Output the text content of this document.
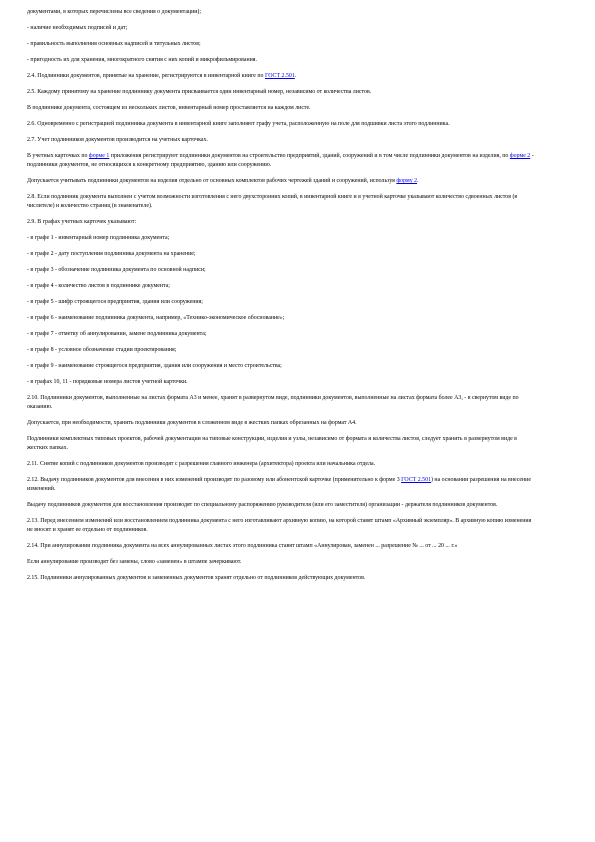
документами, в которых перечислены все сведения о документации);

- наличие необходимых подписей и дат;

- правильность выполнения основных надписей и титульных листов;

- пригодность их для хранения, многократного снятия с них копий и микрофильмирования.

2.4. Подлинники документов, принятые на хранение, регистрируются в инвентарной книге по ГОСТ 2.501.

2.5. Каждому принятому на хранение подлиннику документа присваивается один инвентарный номер, независимо от количества листов.

В подлиннике документа, состоящем из нескольких листов, инвентарный номер проставляется на каждом листе.

2.6. Одновременно с регистрацией подлинника документа в инвентарной книге заполняют графу учета, расположенную на поле для подшивки листа этого подлинника.

2.7. Учет подлинников документов производится на учетных карточках.

В учетных карточках по форме 1 приложения регистрируют подлинники документов на строительство предприятий, зданий, сооружений и в том числе подлинники документов на изделия, по форме 2 - подлинники документов, не относящихся к конкретному предприятию, зданию или сооружению.

Допускается учитывать подлинники документов на изделия отдельно от основных комплектов рабочих чертежей зданий и сооружений, используя форму 2.

2.8. Если подлинник документа выполнен с учетом возможности изготовления с него двухсторонних копий, в инвентарной книге и в учетной карточке указывают количество сдвоенных листов (в числителе) и количество страниц (в знаменателе).

2.9. В графах учетных карточек указывают:

- в графе 1 - инвентарный номер подлинника документа;

- в графе 2 - дату поступления подлинника документа на хранение;

- в графе 3 - обозначение подлинника документа по основной надписи;

- в графе 4 - количество листов в подлиннике документа;

- в графе 5 - шифр строящегося предприятия, здания или сооружения;

- в графе 6 - наименование подлинника документа, например, «Технико-экономическое обоснование»;

- в графе 7 - отметку об аннулировании, замене подлинника документа;

- в графе 8 - условное обозначение стадии проектирования;

- в графе 9 - наименование строящегося предприятия, здания или сооружения и место строительства;

- в графах 10, 11 - порядковые номера листов учетной карточки.

2.10. Подлинники документов, выполненные на листах формата А3 и менее, хранят в развернутом виде, подлинники документов, выполненные на листах формата более А3, - в свернутом виде по оказанию.

Допускается, при необходимости, хранить подлинники документов в сложенном виде в жестких папках обрезанных на формат А4.

Подлинники комплектных типовых проектов, рабочей документации на типовые конструкции, изделия и узлы, независимо от формата и количества листов, следует хранить в развернутом виде в жестких папках.

2.11. Снятие копий с подлинников документов производят с разрешения главного инженера (архитектора) проекта или начальника отдела.

2.12. Выдачу подлинников документов для внесения в них изменений производят по разовому или абонентской карточке (применительно к форме 3 ГОСТ 2.501) на основании разрешения на внесение изменений.

Выдачу подлинников документов для восстановления производят по специальному распоряжению руководителя (или его заместителя) организации - держателя подлинников документов.

2.13. Перед внесением изменений или восстановлением подлинника документа с него изготавливают архивную копию, на которой ставят штамп «Архивный экземпляр». В архивную копию изменения не вносят и хранят ее отдельно от подлинников.

2.14. При аннулировании подлинника документа на всех аннулированных листах этого подлинника ставят штамп «Аннулирован, заменен ... разрешение № ... от ... 20 ... г.»

Если аннулирование производят без замены, слово «заменен» в штампе зачеркивают.

2.15. Подлинники аннулированных документов и замененных документов хранят отдельно от подлинников действующих документов.
